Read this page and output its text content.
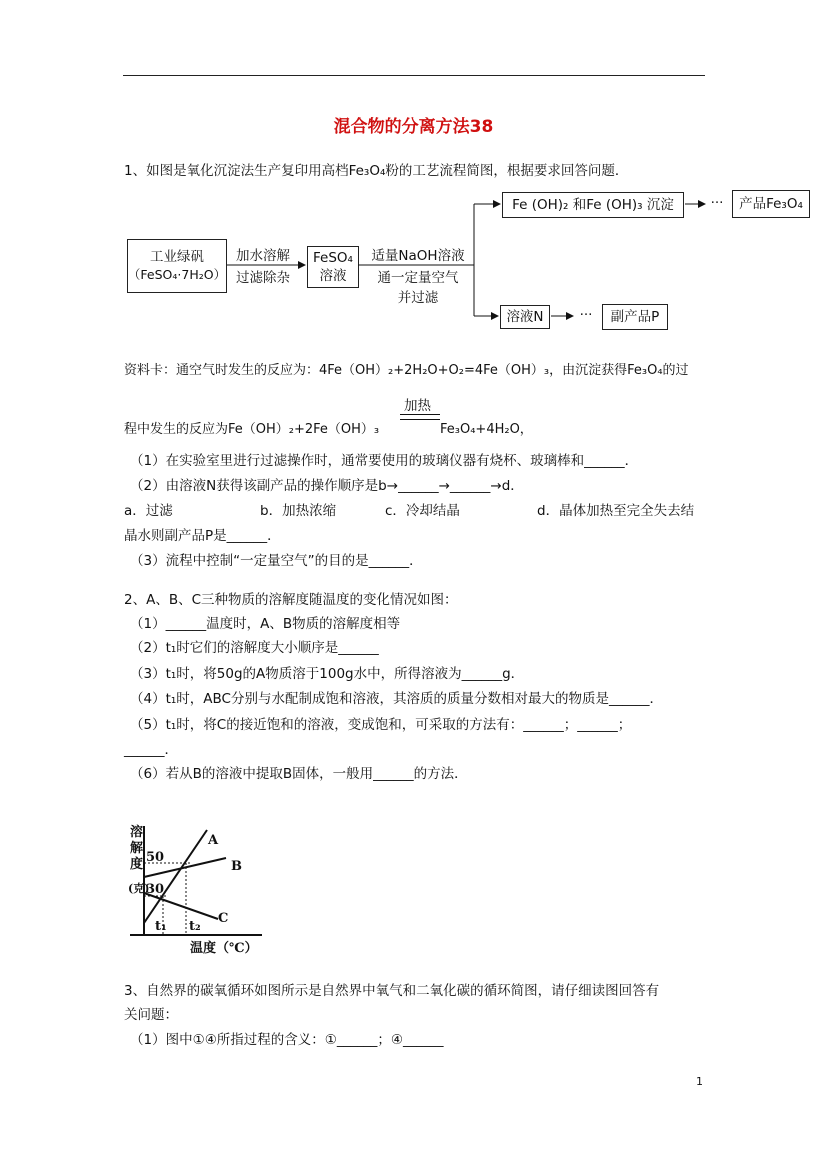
混合物的分离方法38
1、如图是氧化沉淀法生产复印用高档Fe₃O₄粉的工艺流程简图，根据要求回答问题．
工业绿矾
（FeSO₄·7H₂O）
加水溶解
过滤除杂
FeSO₄
溶液
适量NaOH溶液
通一定量空气
并过滤
Fe (OH)₂ 和Fe (OH)₃ 沉淀	··· 产品Fe₃O₄
溶液N	··· 副产品P
资料卡：通空气时发生的反应为：4Fe（OH）₂+2H₂O+O₂=4Fe（OH）₃，由沉淀获得Fe₃O₄的过
加热
程中发生的反应为Fe（OH）₂+2Fe（OH）₃	Fe₃O₄+4H₂O，
（1）在实验室里进行过滤操作时，通常要使用的玻璃仪器有烧杯、玻璃棒和______．
（2）由溶液N获得该副产品的操作顺序是b→______→______→d．
a．过滤	b．加热浓缩	c．冷却结晶	d．晶体加热至完全失去结
晶水则副产品P是______．
（3）流程中控制“一定量空气”的目的是______．
2、A、B、C三种物质的溶解度随温度的变化情况如图：
（1）______温度时，A、B物质的溶解度相等
（2）t₁时它们的溶解度大小顺序是______
（3）t₁时，将50g的A物质溶于100g水中，所得溶液为______g．
（4）t₁时，ABC分别与水配制成饱和溶液，其溶质的质量分数相对最大的物质是______．
（5）t₁时，将C的接近饱和的溶液，变成饱和，可采取的方法有：______；______；
______．
（6）若从B的溶液中提取B固体，一般用______的方法．
溶
解
度
(克)
50
30
t₁ t₂
温度（℃）
A
B
C
3、自然界的碳氧循环如图所示是自然界中氧气和二氧化碳的循环简图，请仔细读图回答有
关问题：
（1）图中①④所指过程的含义：①______；④______
1
